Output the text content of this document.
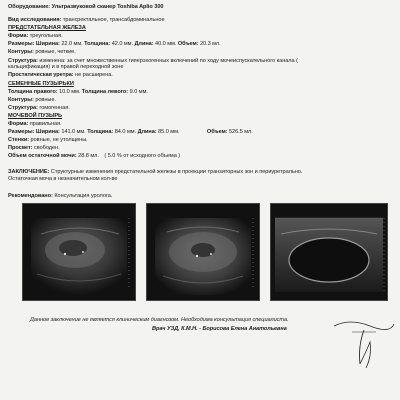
Оборудование: Ультразвуковой сканер Toshiba Aplio 300
Вид исследования: трансректальное, трансабдоминальное
ПРЕДСТАТЕЛЬНАЯ ЖЕЛЕЗА
Форма: треугольная.
Размеры: Ширина: 22.0 мм. Толщина: 42.0 мм. Длина: 40.0 мм. Объем: 20.3 мл.
Контуры: ровные, четкие.
Структура: изменена: за счет множественных гиперэхогенных включений по ходу мочеиспускательного канала (
кальцификация) и в правой переходной зоне
Простатическая уретра: не расширена.
СЕМЕННЫЕ ПУЗЫРЬКИ
Толщина правого: 10.0 мм. Толщина левого: 9.0 мм.
Контуры: ровные.
Структура: гомогенная.
МОЧЕВОЙ ПУЗЫРЬ
Форма: правильная.
Размеры: Ширина: 141.0 мм. Толщина: 84.0 мм. Длина: 85.0 мм.	Объем: 526.5 мл.
Стенки: ровные, не утолщены.
Просвет: свободен.
Объем остаточной мочи: 28.8 мл. ( 5.0 % от исходного объема )
ЗАКЛЮЧЕНИЕ: Структурные изменения предстательной железы в проекции транзиторных зон и периуретрально.
Остаточная моча в незначительном кол-ве
Рекомендовано: Консультация уролога.
Данное заключение не является клиническим диагнозом. Необходима консультация специалиста.
Врач УЗД, К.М.Н. - Борисова Елена Анатольевна
